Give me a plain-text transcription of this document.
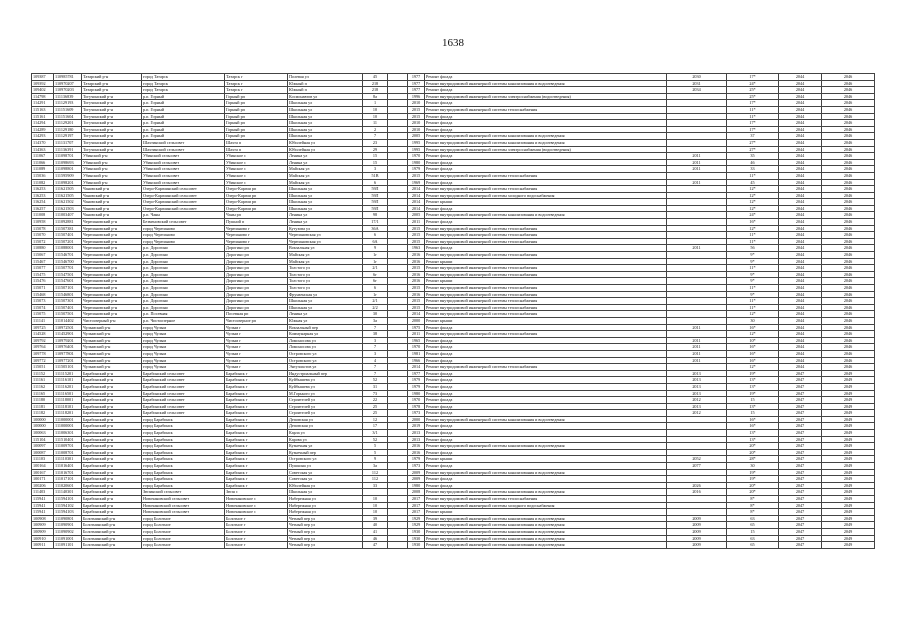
1638
109387	110985781	Татарский р-н	город Татарск	Татарск г	Полевая ул	45		1977	Ремонт фасада	2030	17*	2044	2046
109392	110970207	Татарский р-н	город Татарск	Татарск г	Южный п	218		1977	Ремонт внутридомовой инженерной системы канализования и водоотведения	2031	24*	2044	2046
109402	110970203	Татарский р-н	город Татарск	Татарск г	Южный п	218		1977	Ремонт фасада	2034	25*	2044	2046
114798	111136839	Тогучинский р-н	р.п. Горный	Горный рп	Космонавтов ул	8а		1996	Ремонт внутридомовой инженерной системы электроснабжения (водоотведения)		25*	2044	2046
114291	111129193	Тогучинский р-н	р.п. Горный	Горный рп	Школьная ул	1		2010	Ремонт фасада		17*	2044	2046
115163	111151609	Тогучинский р-н	р.п. Горный	Горный рп	Школьная ул	10		2015	Ремонт внутридомовой инженерной системы теплоснабжения		11*	2044	2046
115161	111151604	Тогучинский р-н	р.п. Горный	Горный рп	Школьная ул	10		2015	Ремонт фасада		11*	2044	2046
114294	111129201	Тогучинский р-н	р.п. Горный	Горный рп	Школьная ул	11		2010	Ремонт фасада		17*	2044	2046
114289	111129180	Тогучинский р-н	р.п. Горный	Горный рп	Школьная ул	2		2010	Ремонт фасада		17*	2044	2046
114293	111129197	Тогучинский р-н	р.п. Горный	Горный рп	Школьная ул	7		2005	Ремонт внутридомовой инженерной системы канализования и водоотведения		37	2044	2046
114370	111131707	Тогучинский р-н	Шахтинский сельсовет	Шахта п	Юбилейная ул	23		1995	Ремонт внутридомовой инженерной системы канализования и водоотведения		27*	2044	2046
114363	111136391	Тогучинский р-н	Шахтинский сельсовет	Шахта п	Юбилейная ул	29		1995	Ремонт внутридомовой инженерной системы электроснабжения (водоотведения)		27*	2044	2046
111067	111098701	Убинский р-н	Убинский сельсовет	Убинское с	Ленина ул	15		1970	Ремонт фасада	2011	35	2044	2046
111066	111098693	Убинский р-н	Убинский сельсовет	Убинское с	Ленина ул	15		1980	Ремонт фасада	2011	46	2044	2046
111089	111098801	Убинский р-н	Убинский сельсовет	Убинское с	Майская ул	3		1979	Ремонт фасада	2011	33	2044	2046
115036	111595909	Убинский р-н	Убинский сельсовет	Убинское с	Майская ул	51В		2015	Ремонт внутридомовой инженерной системы теплоснабжения		11*	2044	2046
111082	111098201	Убинский р-н	Убинский сельсовет	Убинское с	Майская ул	6		1969	Ремонт фасада	2011	45	2044	2046
116253	111621505	Чановский р-н	Озеро-Карачинский сельсовет	Озеро-Карачи рп	Школьная ул	59Л		2014	Ремонт внутридомовой инженерной системы теплоснабжения		12*	2044	2046
116253	111621505	Чановский р-н	Озеро-Карачинский сельсовет	Озеро-Карачи рп	Школьная ул	59Л		2014	Ремонт внутридомовой инженерной системы холодного водоснабжения		12*	2044	2046
116254	111621502	Чановский р-н	Озеро-Карачинский сельсовет	Озеро-Карачи рп	Школьная ул	59Л		2014	Ремонт крыши		12*	2044	2046
116257	111621503	Чановский р-н	Озеро-Карачинский сельсовет	Озеро-Карачи рп	Школьная ул	59Л		2014	Ремонт фасада		12*	2044	2046
111008	111003407	Чановский р-н	р.п. Чаны	Чаны рп	Ленина ул	98		2005	Ремонт внутридомовой инженерной системы канализования и водоотведения		24*	2044	2046
110958	111092881	Черепановский р-н	Безменовский сельсовет	Пушной п	Ленина ул	17/1		2011	Ремонт фасада		16*	2044	2046
115078	111507381	Черепановский р-н	город Черепаново	Черепаново г	Кутузова ул	36А		2015	Ремонт внутридомовой инженерной системы теплоснабжения		12*	2044	2046
115070	111507401	Черепановский р-н	город Черепаново	Черепаново г	Черепановская ул	6		2015	Ремонт внутридомовой инженерной системы теплоснабжения		11*	2044	2046
115072	111507201	Черепановский р-н	город Черепаново	Черепаново г	Черепановская ул	6А		2015	Ремонт внутридомовой инженерной системы теплоснабжения		11*	2044	2046
110880	111088001	Черепановский р-н	р.п. Дорогино	Дорогино рп	Вокзальная ул	9		1963	Ремонт фасада	2011	56	2044	2046
115067	111546701	Черепановский р-н	р.п. Дорогино	Дорогино рп	Майская ул	1г		2016	Ремонт внутридомовой инженерной системы теплоснабжения		9*	2044	2046
115467	111546700	Черепановский р-н	р.п. Дорогино	Дорогино рп	Майская ул	1г		2016	Ремонт крыши		9*	2044	2046
115077	111507701	Черепановский р-н	р.п. Дорогино	Дорогино рп	Толстого ул	2/1		2015	Ремонт внутридомовой инженерной системы теплоснабжения		11*	2044	2046
115475	111547501	Черепановский р-н	р.п. Дорогино	Дорогино рп	Толстого ул	6г		2016	Ремонт внутридомовой инженерной системы теплоснабжения		9*	2044	2046
115476	111547601	Черепановский р-н	р.п. Дорогино	Дорогино рп	Толстого ул	6г		2016	Ремонт крыши		9*	2044	2046
115071	111507101	Черепановский р-н	р.п. Дорогино	Дорогино рп	Толстого ул	6		2015	Ремонт внутридомовой инженерной системы теплоснабжения		11*	2044	2046
115468	111546801	Черепановский р-н	р.п. Дорогино	Дорогино рп	Фрунзенская ул	1г		2016	Ремонт внутридомовой инженерной системы теплоснабжения		9*	2044	2046
115073	111507301	Черепановский р-н	р.п. Дорогино	Дорогино рп	Школьная ул	2/1		2015	Ремонт внутридомовой инженерной системы теплоснабжения		11*	2044	2046
115074	111507401	Черепановский р-н	р.п. Дорогино	Дорогино рп	Школьная ул	2/2		2015	Ремонт внутридомовой инженерной системы теплоснабжения		11*	2044	2046
115075	111507501	Черепановский р-н	р.п. Посевная	Посевная рп	Ленина ул	30		2014	Ремонт внутридомовой инженерной системы теплоснабжения		12*	2044	2046
111141	111014402	Чистоозерный р-н	р.п. Чистоозерное	Чистоозерное рп	Южная ул	3а		2000	Ремонт крыши		30	2044	2046
109725	110972501	Чулымский р-н	город Чулым	Чулым г	Вокзальный пер	7		1975	Ремонт фасада	2011	16*	2044	2046
114528	111452901	Чулымский р-н	город Чулым	Чулым г	Коммунарная ул	38		2011	Ремонт внутридомовой инженерной системы теплоснабжения		12*	2044	2046
109792	110979201	Чулымский р-н	город Чулым	Чулым г	Ломоносова ул	3		1965	Ремонт фасада	2011	10*	2044	2046
109764	110976401	Чулымский р-н	город Чулым	Чулым г	Ломоносова ул	7		1970	Ремонт фасада	2011	16*	2044	2046
109778	110977801	Чулымский р-н	город Чулым	Чулым г	Островского ул	3		1981	Ремонт фасада	2011	16*	2044	2046
109772	110977201	Чулымский р-н	город Чулым	Чулым г	Островского ул	4		1966	Ремонт фасада	2011	16*	2044	2046
115051	111505101	Чулымский р-н	город Чулым	Чулым г	Энтузиастов ул	7		2014	Ремонт внутридомовой инженерной системы теплоснабжения		12*	2044	2046
111152	111115201	Барабинский р-н	Барабинский сельсовет	Барабинск г	Индустриальный пер	7		1977	Ремонт фасада	2013	19*	2047	2049
111161	111116101	Барабинский р-н	Барабинский сельсовет	Барабинск г	Куйбышева ул	52		1979	Ремонт фасада	2013	13*	2047	2049
111162	111116201	Барабинский р-н	Барабинский сельсовет	Барабинск г	Куйбышева ул	31		1979	Ремонт фасада	2013	13*	2047	2049
111165	111116501	Барабинский р-н	Барабинский сельсовет	Барабинск г	М.Горького ул	73		1980	Ремонт фасада	2013	19*	2047	2049
111180	111118001	Барабинский р-н	Барабинский сельсовет	Барабинск г	Строителей ул	22		1970	Ремонт фасада	2012	15	2047	2049
111181	111118101	Барабинский р-н	Барабинский сельсовет	Барабинск г	Строителей ул	25		1978	Ремонт фасада	2013	13*	2047	2049
111182	111118201	Барабинский р-н	Барабинский сельсовет	Барабинск г	Строителей ул	25		1973	Ремонт фасада	2012	15	2047	2049
100000	111000001	Барабинский р-н	город Барабинск	Барабинск г	Деповская ул	12		2000	Ремонт внутридомовой инженерной системы канализования и водоотведения		16*	2047	2049
100000	111000001	Барабинский р-н	город Барабинск	Барабинск г	Деповская ул	17		2019	Ремонт фасада		16*	2047	2049
100063	111006301	Барабинский р-н	город Барабинск	Барабинск г	Карла ул	3/1		2013	Ремонт фасада		13*	2047	2049
115104	111510401	Барабинский р-н	город Барабинск	Барабинск г	Карова ул	52		2013	Ремонт фасада		13*	2047	2049
100097	111009701	Барабинский р-н	город Барабинск	Барабинск г	Кузнечная ул	5		2016	Ремонт внутридомовой инженерной системы канализования и водоотведения		20*	2047	2049
100087	111008701	Барабинский р-н	город Барабинск	Барабинск г	Кузнечный пер	5		2016	Ремонт фасада		20*	2047	2049
111103	111110301	Барабинский р-н	город Барабинск	Барабинск г	Островского ул	9		1979	Ремонт крыши	2052	28*	2047	2049
100164	111016401	Барабинский р-н	город Барабинск	Барабинск г	Пушкина ул	3а		1973	Ремонт фасада	2077	30	2047	2049
100167	111016701	Барабинский р-н	город Барабинск	Барабинск г	Советская ул	112		2009	Ремонт внутридомовой инженерной системы канализования и водоотведения		19*	2047	2049
100171	111017101	Барабинский р-н	город Барабинск	Барабинск г	Советская ул	112		2009	Ремонт фасада		19*	2047	2049
100206	111020601	Барабинский р-н	город Барабинск	Барабинск г	Юбилейная ул	33		1980	Ремонт фасада	2026	20*	2047	2049
111403	111140301	Барабинский р-н	Зюзинский сельсовет	Зюзя с	Школьная ул			2008	Ремонт внутридомовой инженерной системы канализования и водоотведения	2016	20*	2047	2049
115941	111594101	Барабинский р-н	Новочановский сельсовет	Новочановское с	Набережная ул	10		2017	Ремонт внутридомовой инженерной системы теплоснабжения		8*	2047	2049
115941	111594102	Барабинский р-н	Новочановский сельсовет	Новочановское с	Набережная ул	10		2017	Ремонт внутридомовой инженерной системы холодного водоснабжения		8*	2047	2049
115941	111594103	Барабинский р-н	Новочановский сельсовет	Новочановское с	Набережная ул	10		2017	Ремонт крыши		8*	2047	2049
100908	111090801	Болотнинский р-н	город Болотное	Болотное г	Четный пер ул	39		1929	Ремонт внутридомовой инженерной системы канализования и водоотведения	2009	63	2047	2049
100909	111090901	Болотнинский р-н	город Болотное	Болотное г	Четный пер ул	40		1929	Ремонт внутридомовой инженерной системы канализования и водоотведения	2009	65	2047	2049
100909	111090902	Болотнинский р-н	город Болотное	Болотное г	Четный пер ул	41		1930	Ремонт внутридомовой инженерной системы канализования и водоотведения	2009	15	2047	2049
100910	111091001	Болотнинский р-н	город Болотное	Болотное г	Четный пер ул	46		1930	Ремонт внутридомовой инженерной системы канализования и водоотведения	2009	63	2047	2049
100911	111091101	Болотнинский р-н	город Болотное	Болотное г	Четный пер ул	47		1930	Ремонт внутридомовой инженерной системы канализования и водоотведения	2009	65	2047	2049
